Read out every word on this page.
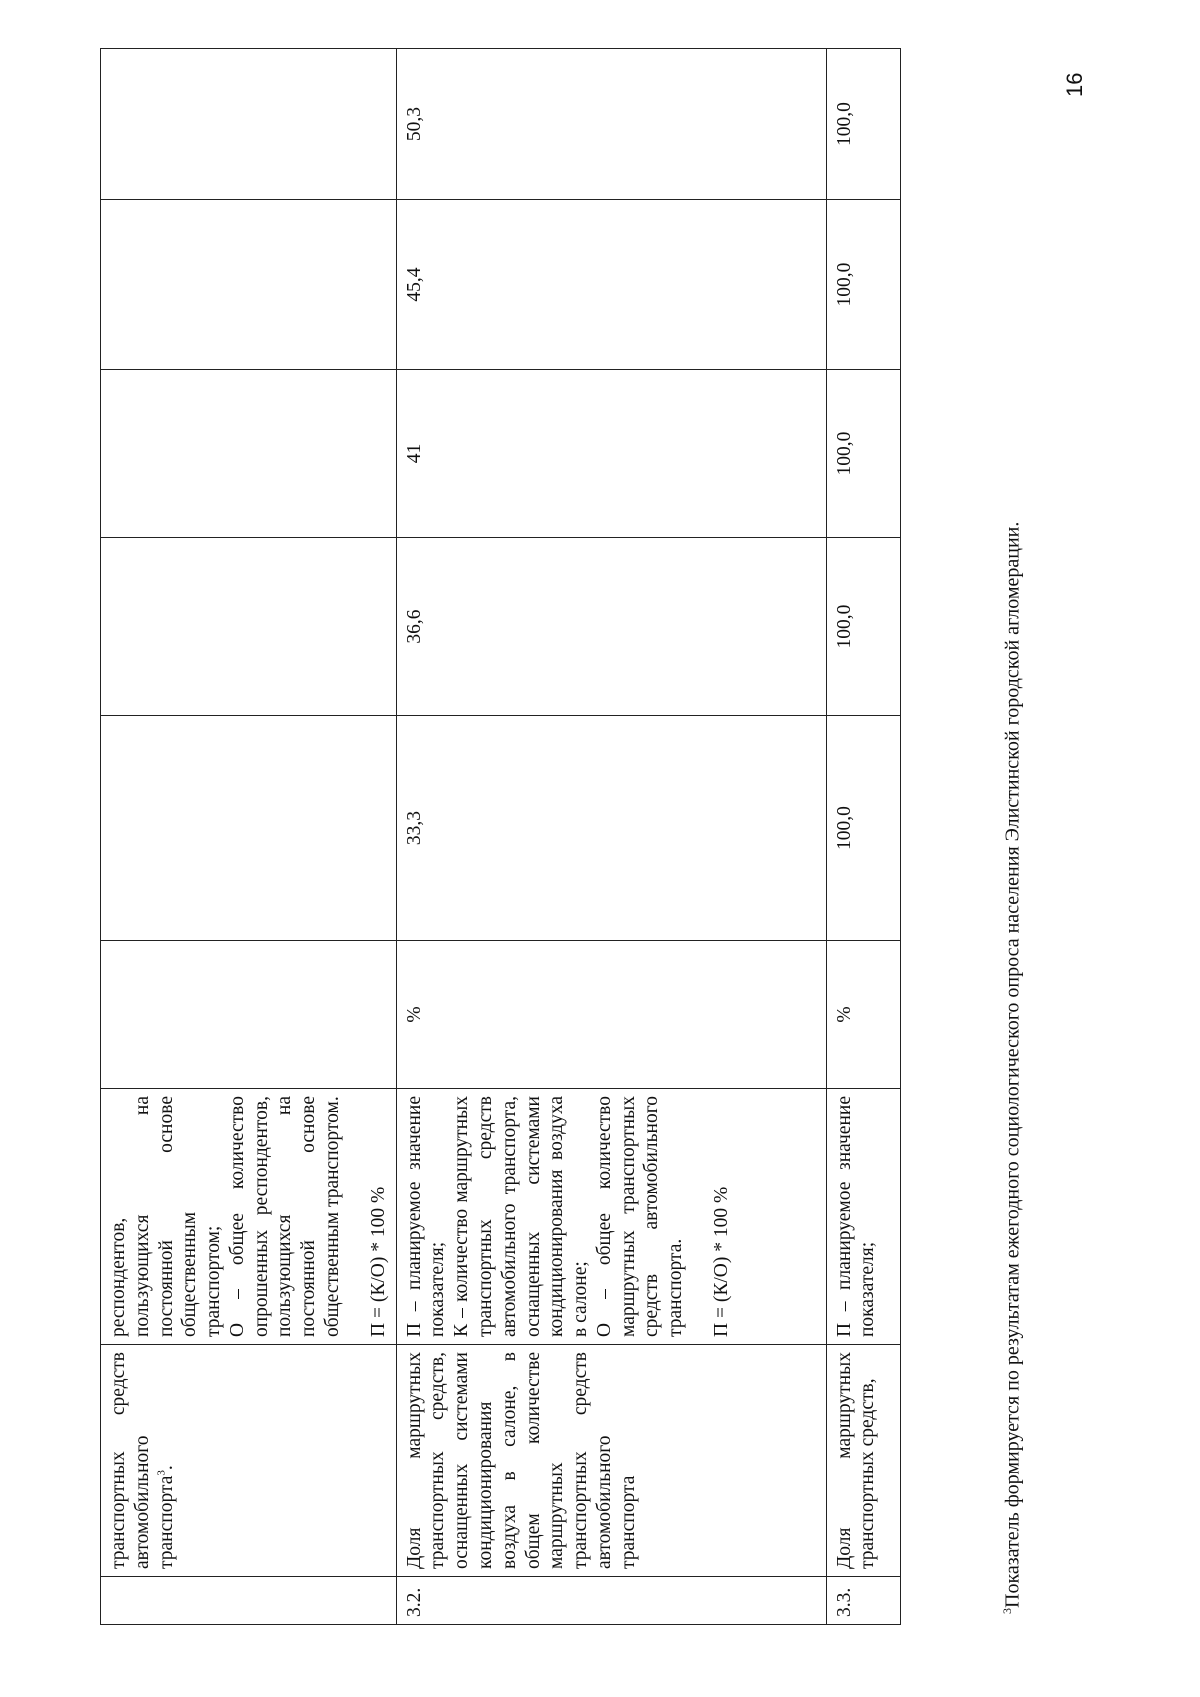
16
	транспортных средств автомобильного транспорта$^3$.	респондентов, пользующихся на постоянной основе общественным транспортом; О – общее количество опрошенных респондентов, пользующихся на постоянной основе общественным транспортом. П = (К/О) * 100 %						

3.2.	Доля маршрутных транспортных средств, оснащенных системами кондиционирования воздуха в салоне, в общем количестве маршрутных транспортных средств автомобильного транспорта	П – планируемое значение показателя; К – количество маршрутных транспортных средств автомобильного транспорта, оснащенных системами кондиционирования воздуха в салоне; О – общее количество маршрутных транспортных средств автомобильного транспорта. П = (К/О) * 100 %	%	33,3	36,6	41	45,4	50,3
3.3.	Доля маршрутных транспортных средств,	П – планируемое значение показателя;	%	100,0	100,0	100,0	100,0	100,0
$^3$Показатель формируется по результатам ежегодного социологического опроса населения Элистинской городской агломерации.
